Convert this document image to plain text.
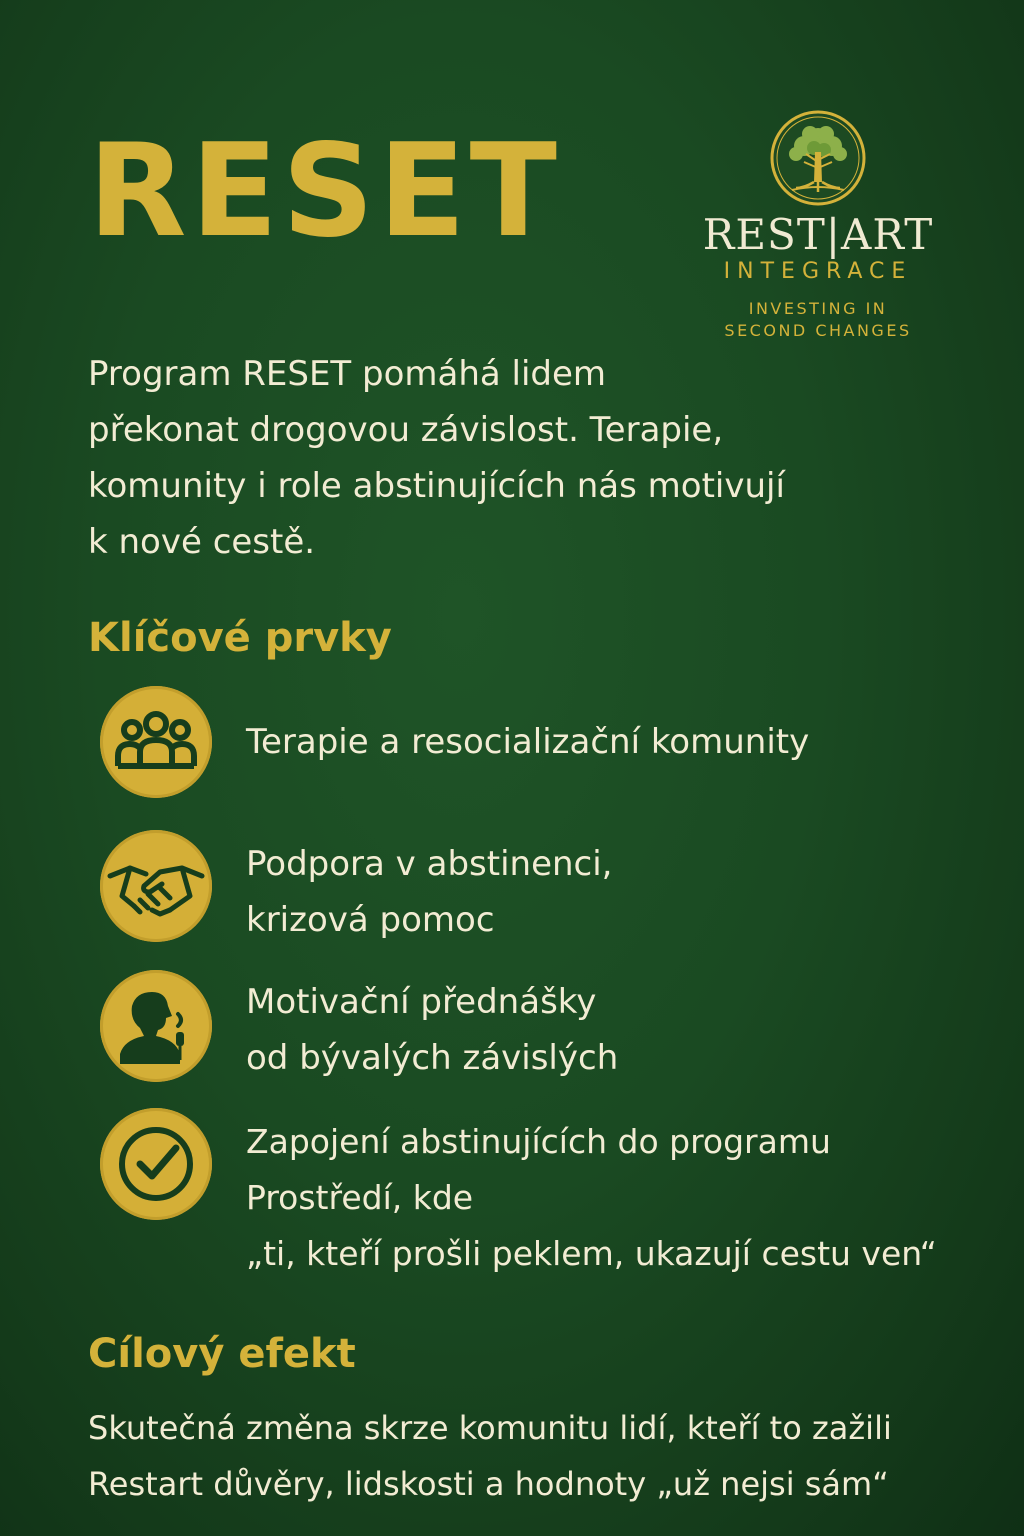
RESET	REST|ART
INTEGRACE
INVESTING IN
SECOND CHANGES

Program RESET pomáhá lidem
překonat drogovou závislost. Terapie,
komunity i role abstinujících nás motivují
k nové cestě.

Klíčové prvky
Terapie a resocializační komunity
Podpora v abstinenci,
krizová pomoc
Motivační přednášky
od bývalých závislých
Zapojení abstinujících do programu
Prostředí, kde
„ti, kteří prošli peklem, ukazují cestu ven“
Cílový efekt

Skutečná změna skrze komunitu lidí, kteří to zažili
Restart důvěry, lidskosti a hodnoty „už nejsi sám“
